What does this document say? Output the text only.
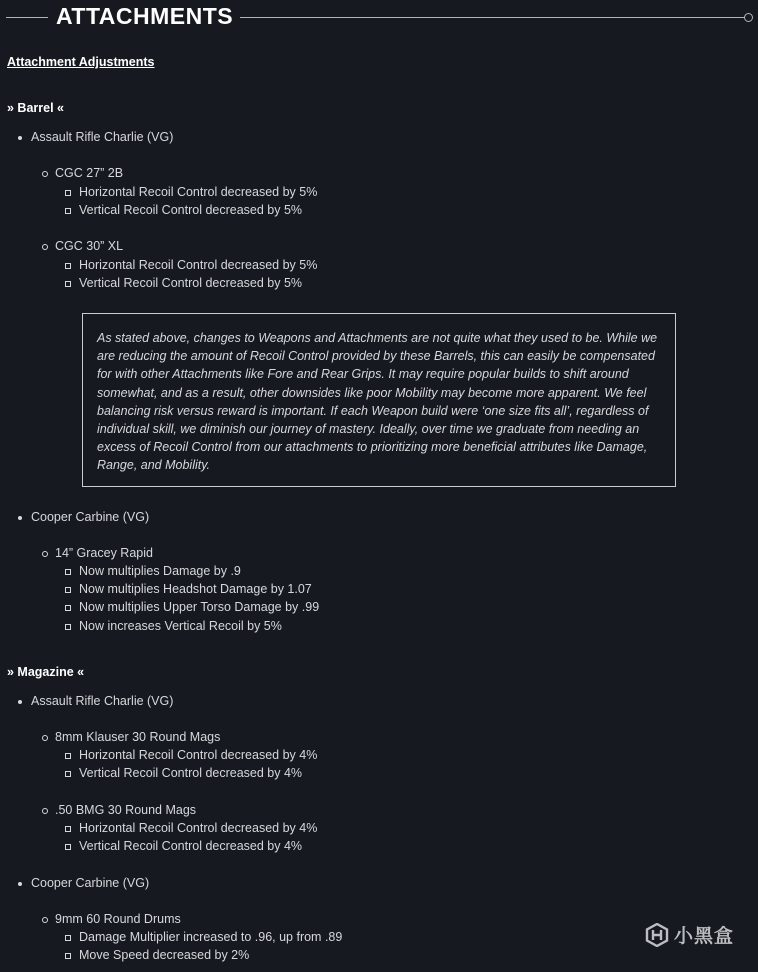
ATTACHMENTS
Attachment Adjustments
» Barrel «
Assault Rifle Charlie (VG)
CGC 27” 2B
Horizontal Recoil Control decreased by 5%
Vertical Recoil Control decreased by 5%
CGC 30” XL
Horizontal Recoil Control decreased by 5%
Vertical Recoil Control decreased by 5%
As stated above, changes to Weapons and Attachments are not quite what they used to be. While we are reducing the amount of Recoil Control provided by these Barrels, this can easily be compensated for with other Attachments like Fore and Rear Grips. It may require popular builds to shift around somewhat, and as a result, other downsides like poor Mobility may become more apparent. We feel balancing risk versus reward is important. If each Weapon build were ‘one size fits all’, regardless of individual skill, we diminish our journey of mastery. Ideally, over time we graduate from needing an excess of Recoil Control from our attachments to prioritizing more beneficial attributes like Damage, Range, and Mobility.
Cooper Carbine (VG)
14” Gracey Rapid
Now multiplies Damage by .9
Now multiplies Headshot Damage by 1.07
Now multiplies Upper Torso Damage by .99
Now increases Vertical Recoil by 5%
» Magazine «
Assault Rifle Charlie (VG)
8mm Klauser 30 Round Mags
Horizontal Recoil Control decreased by 4%
Vertical Recoil Control decreased by 4%
.50 BMG 30 Round Mags
Horizontal Recoil Control decreased by 4%
Vertical Recoil Control decreased by 4%
Cooper Carbine (VG)
9mm 60 Round Drums
Damage Multiplier increased to .96, up from .89
Move Speed decreased by 2%
小黑盒
